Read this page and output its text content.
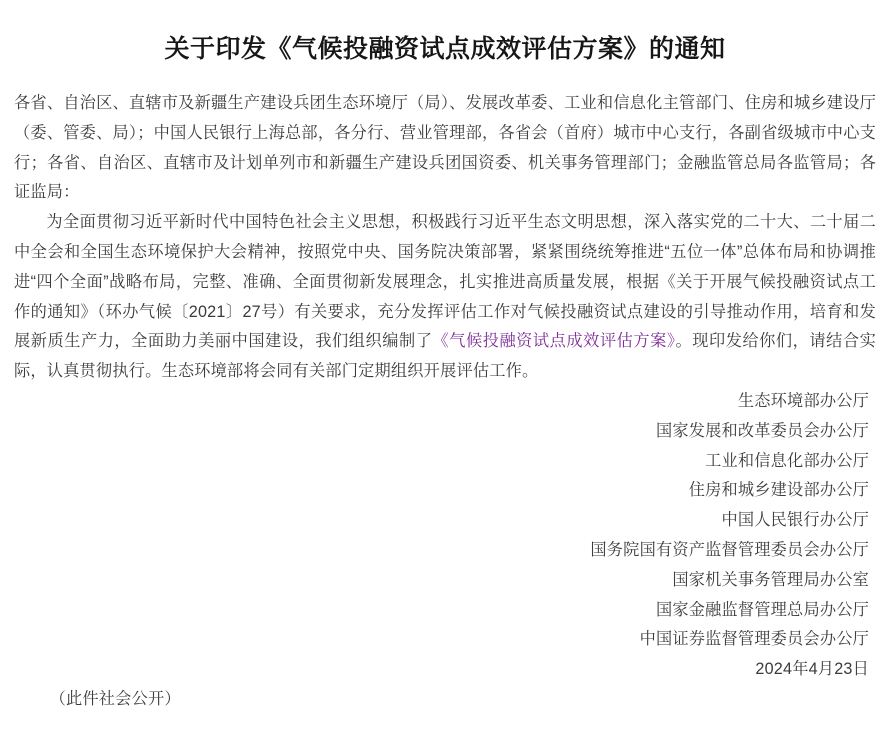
关于印发《气候投融资试点成效评估方案》的通知

各省、自治区、直辖市及新疆生产建设兵团生态环境厅（局）、发展改革委、工业和信息化主管部门、住房和城乡建设厅（委、管委、局）；中国人民银行上海总部，各分行、营业管理部，各省会（首府）城市中心支行，各副省级城市中心支行；各省、自治区、直辖市及计划单列市和新疆生产建设兵团国资委、机关事务管理部门；金融监管总局各监管局；各证监局：

为全面贯彻习近平新时代中国特色社会主义思想，积极践行习近平生态文明思想，深入落实党的二十大、二十届二中全会和全国生态环境保护大会精神，按照党中央、国务院决策部署，紧紧围绕统筹推进“五位一体”总体布局和协调推进“四个全面”战略布局，完整、准确、全面贯彻新发展理念，扎实推进高质量发展，根据《关于开展气候投融资试点工作的通知》（环办气候〔2021〕27号）有关要求，充分发挥评估工作对气候投融资试点建设的引导推动作用，培育和发展新质生产力，全面助力美丽中国建设，我们组织编制了《气候投融资试点成效评估方案》。现印发给你们，请结合实际，认真贯彻执行。生态环境部将会同有关部门定期组织开展评估工作。

生态环境部办公厅
国家发展和改革委员会办公厅
工业和信息化部办公厅
住房和城乡建设部办公厅
中国人民银行办公厅
国务院国有资产监督管理委员会办公厅
国家机关事务管理局办公室
国家金融监督管理总局办公厅
中国证券监督管理委员会办公厅
2024年4月23日

（此件社会公开）
